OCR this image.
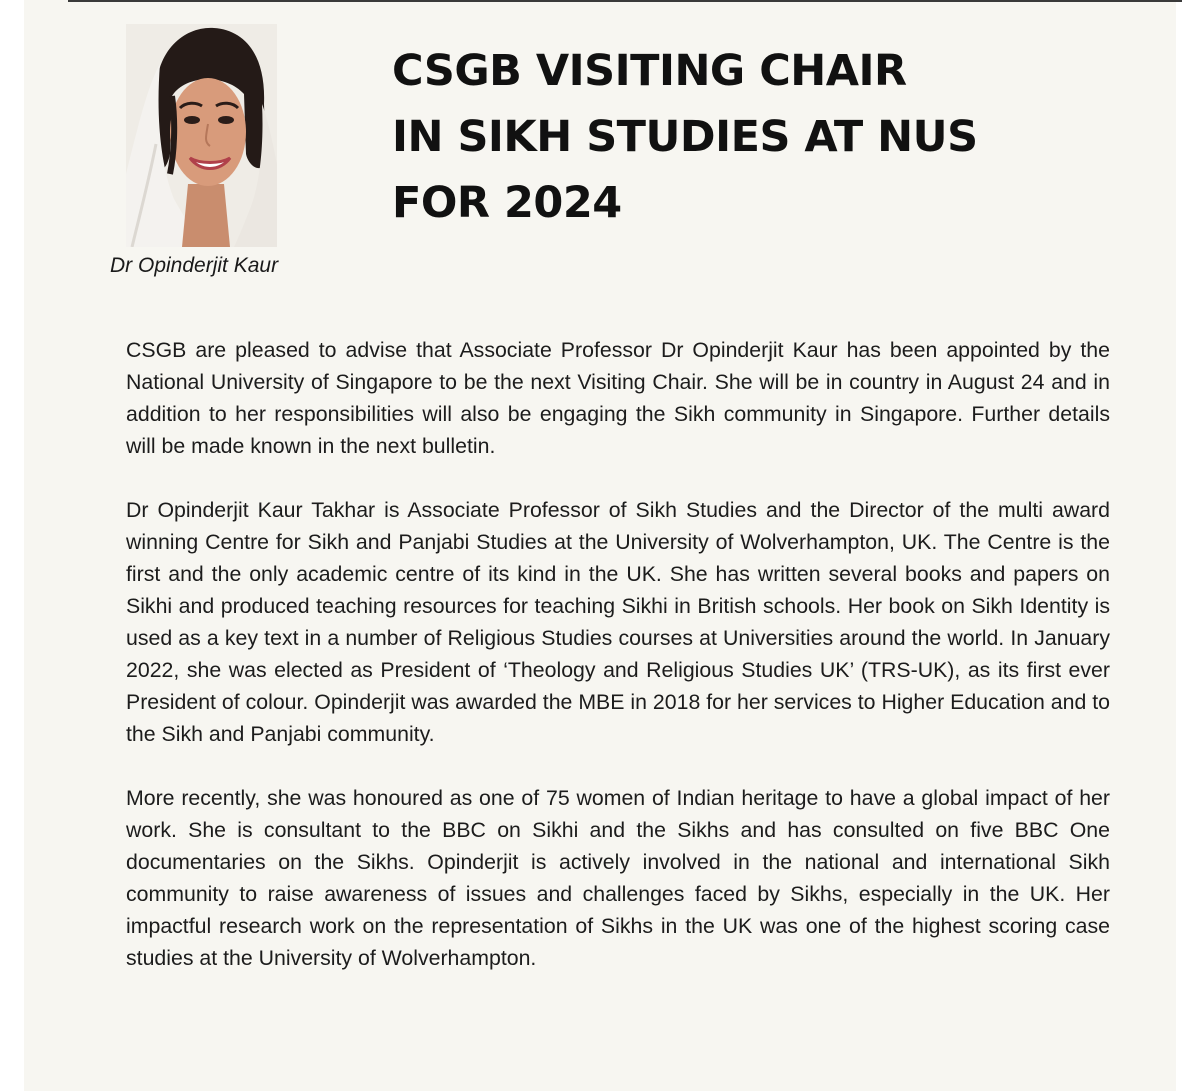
Dr Opinderjit Kaur
CSGB VISITING CHAIR
IN SIKH STUDIES AT NUS
FOR 2024

CSGB are pleased to advise that Associate Professor Dr Opinderjit Kaur has been appointed by the National University of Singapore to be the next Visiting Chair. She will be in country in August 24 and in addition to her responsibilities will also be engaging the Sikh community in Singapore. Further details will be made known in the next bulletin.

Dr Opinderjit Kaur Takhar is Associate Professor of Sikh Studies and the Director of the multi award winning Centre for Sikh and Panjabi Studies at the University of Wolverhampton, UK. The Centre is the first and the only academic centre of its kind in the UK. She has written several books and papers on Sikhi and produced teaching resources for teaching Sikhi in British schools. Her book on Sikh Identity is used as a key text in a number of Religious Studies courses at Universities around the world. In January 2022, she was elected as President of ‘Theology and Religious Studies UK’ (TRS-UK), as its first ever President of colour. Opinderjit was awarded the MBE in 2018 for her services to Higher Education and to the Sikh and Panjabi community.

More recently, she was honoured as one of 75 women of Indian heritage to have a global impact of her work. She is consultant to the BBC on Sikhi and the Sikhs and has consulted on five BBC One documentaries on the Sikhs. Opinderjit is actively involved in the national and international Sikh community to raise awareness of issues and challenges faced by Sikhs, especially in the UK. Her impactful research work on the representation of Sikhs in the UK was one of the highest scoring case studies at the University of Wolverhampton.
